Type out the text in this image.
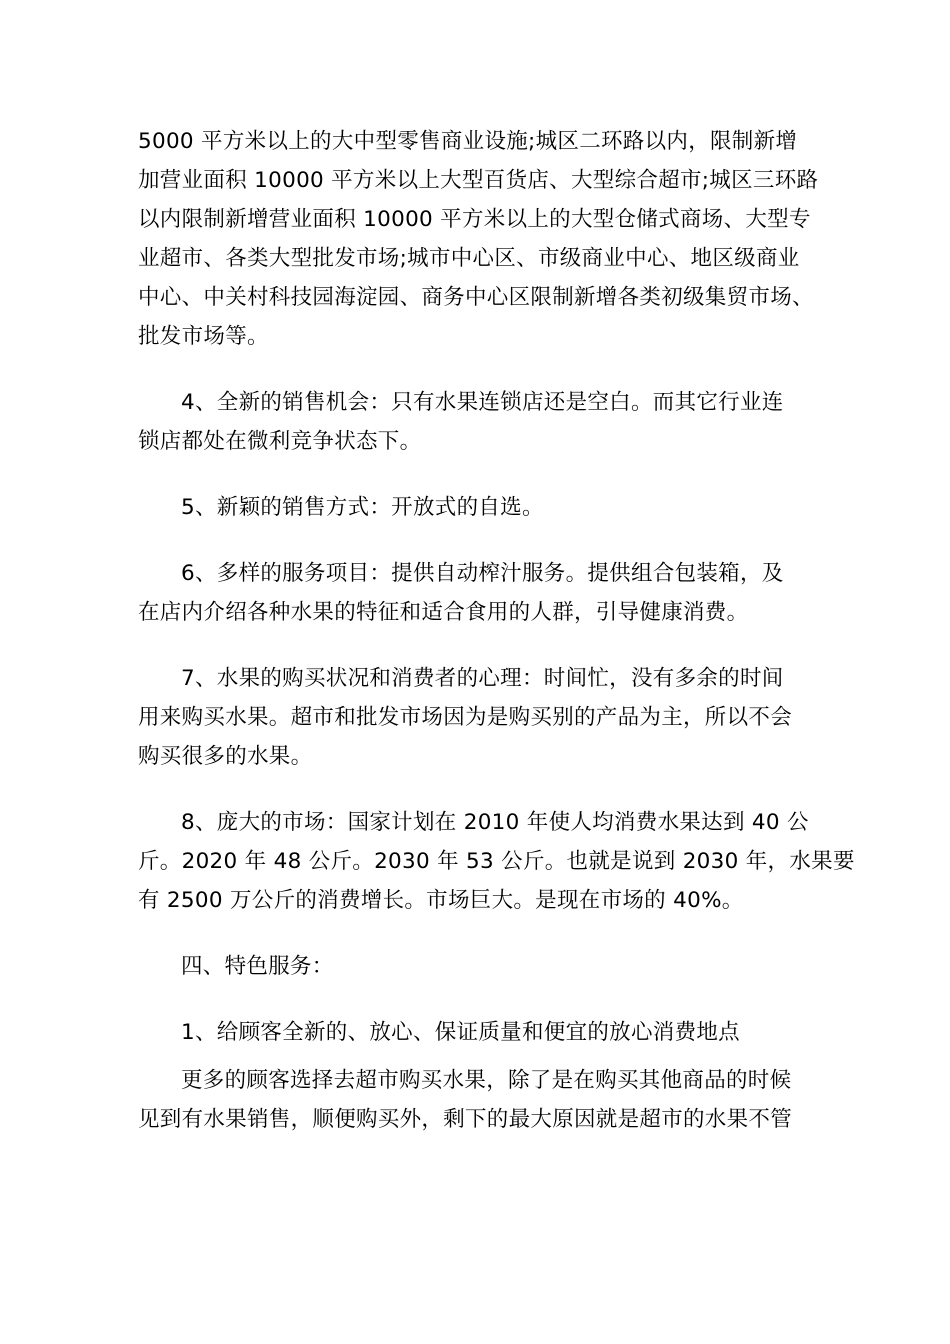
5000 平方米以上的大中型零售商业设施;城区二环路以内，限制新增
加营业面积 10000 平方米以上大型百货店、大型综合超市;城区三环路
以内限制新增营业面积 10000 平方米以上的大型仓储式商场、大型专
业超市、各类大型批发市场;城市中心区、市级商业中心、地区级商业
中心、中关村科技园海淀园、商务中心区限制新增各类初级集贸市场、
批发市场等。
4、全新的销售机会：只有水果连锁店还是空白。而其它行业连
锁店都处在微利竞争状态下。
5、新颖的销售方式：开放式的自选。
6、多样的服务项目：提供自动榨汁服务。提供组合包装箱，及
在店内介绍各种水果的特征和适合食用的人群，引导健康消费。
7、水果的购买状况和消费者的心理：时间忙，没有多余的时间
用来购买水果。超市和批发市场因为是购买别的产品为主，所以不会
购买很多的水果。
8、庞大的市场：国家计划在 2010 年使人均消费水果达到 40 公
斤。2020 年 48 公斤。2030 年 53 公斤。也就是说到 2030 年，水果要
有 2500 万公斤的消费增长。市场巨大。是现在市场的 40%。
四、特色服务：
1、给顾客全新的、放心、保证质量和便宜的放心消费地点
更多的顾客选择去超市购买水果，除了是在购买其他商品的时候
见到有水果销售，顺便购买外，剩下的最大原因就是超市的水果不管
